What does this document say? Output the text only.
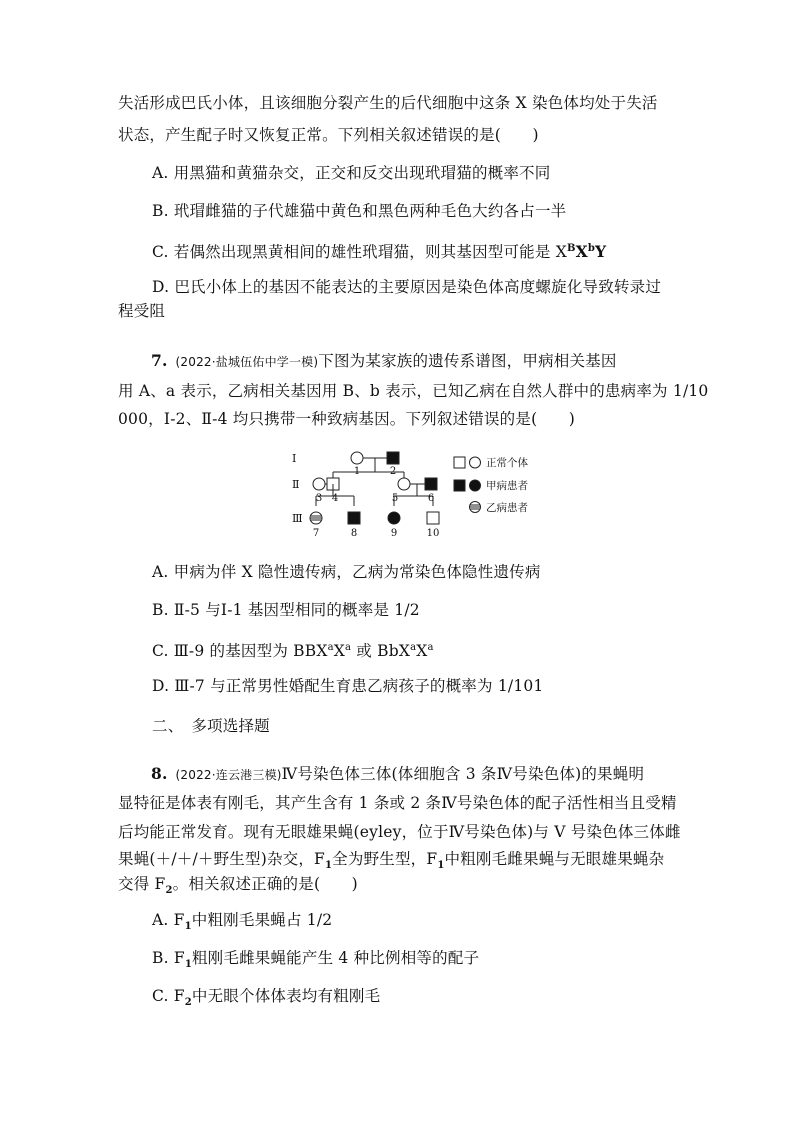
失活形成巴氏小体，且该细胞分裂产生的后代细胞中这条 X 染色体均处于失活
状态，产生配子时又恢复正常。下列相关叙述错误的是(　　)
A. 用黑猫和黄猫杂交，正交和反交出现玳瑁猫的概率不同
B. 玳瑁雌猫的子代雄猫中黄色和黑色两种毛色大约各占一半
C. 若偶然出现黑黄相间的雄性玳瑁猫，则其基因型可能是 $X^BX^bY$
D. 巴氏小体上的基因不能表达的主要原因是染色体高度螺旋化导致转录过
程受阻
7.  (2022·盐城伍佑中学一模)下图为某家族的遗传系谱图，甲病相关基因
用 A、a 表示，乙病相关基因用 B、b 表示，已知乙病在自然人群中的患病率为 1/10
000，Ⅰ-2、Ⅱ-4 均只携带一种致病基因。下列叙述错误的是(　　)
Ⅰ
Ⅱ
Ⅲ
1	2
3 4	5	6
7	8	9	10
正常个体
甲病患者
乙病患者
A. 甲病为伴 X 隐性遗传病，乙病为常染色体隐性遗传病
B. Ⅱ-5 与Ⅰ-1 基因型相同的概率是 1/2
C. Ⅲ-9 的基因型为 $BBX^aX^a$ 或 $BbX^aX^a$
D. Ⅲ-7 与正常男性婚配生育患乙病孩子的概率为 1/101
二、　多项选择题
8.  (2022·连云港三模)Ⅳ号染色体三体(体细胞含 3 条Ⅳ号染色体)的果蝇明
显特征是体表有刚毛，其产生含有 1 条或 2 条Ⅳ号染色体的配子活性相当且受精
后均能正常发育。现有无眼雄果蝇(eyley，位于Ⅳ号染色体)与 V 号染色体三体雌
果蝇(＋/＋/＋野生型)杂交，$F_1$全为野生型，$F_1$中粗刚毛雌果蝇与无眼雄果蝇杂
交得 $F_2$。相关叙述正确的是(　　)
A. $F_1$中粗刚毛果蝇占 1/2
B. $F_1$粗刚毛雌果蝇能产生 4 种比例相等的配子
C. $F_2$中无眼个体体表均有粗刚毛
